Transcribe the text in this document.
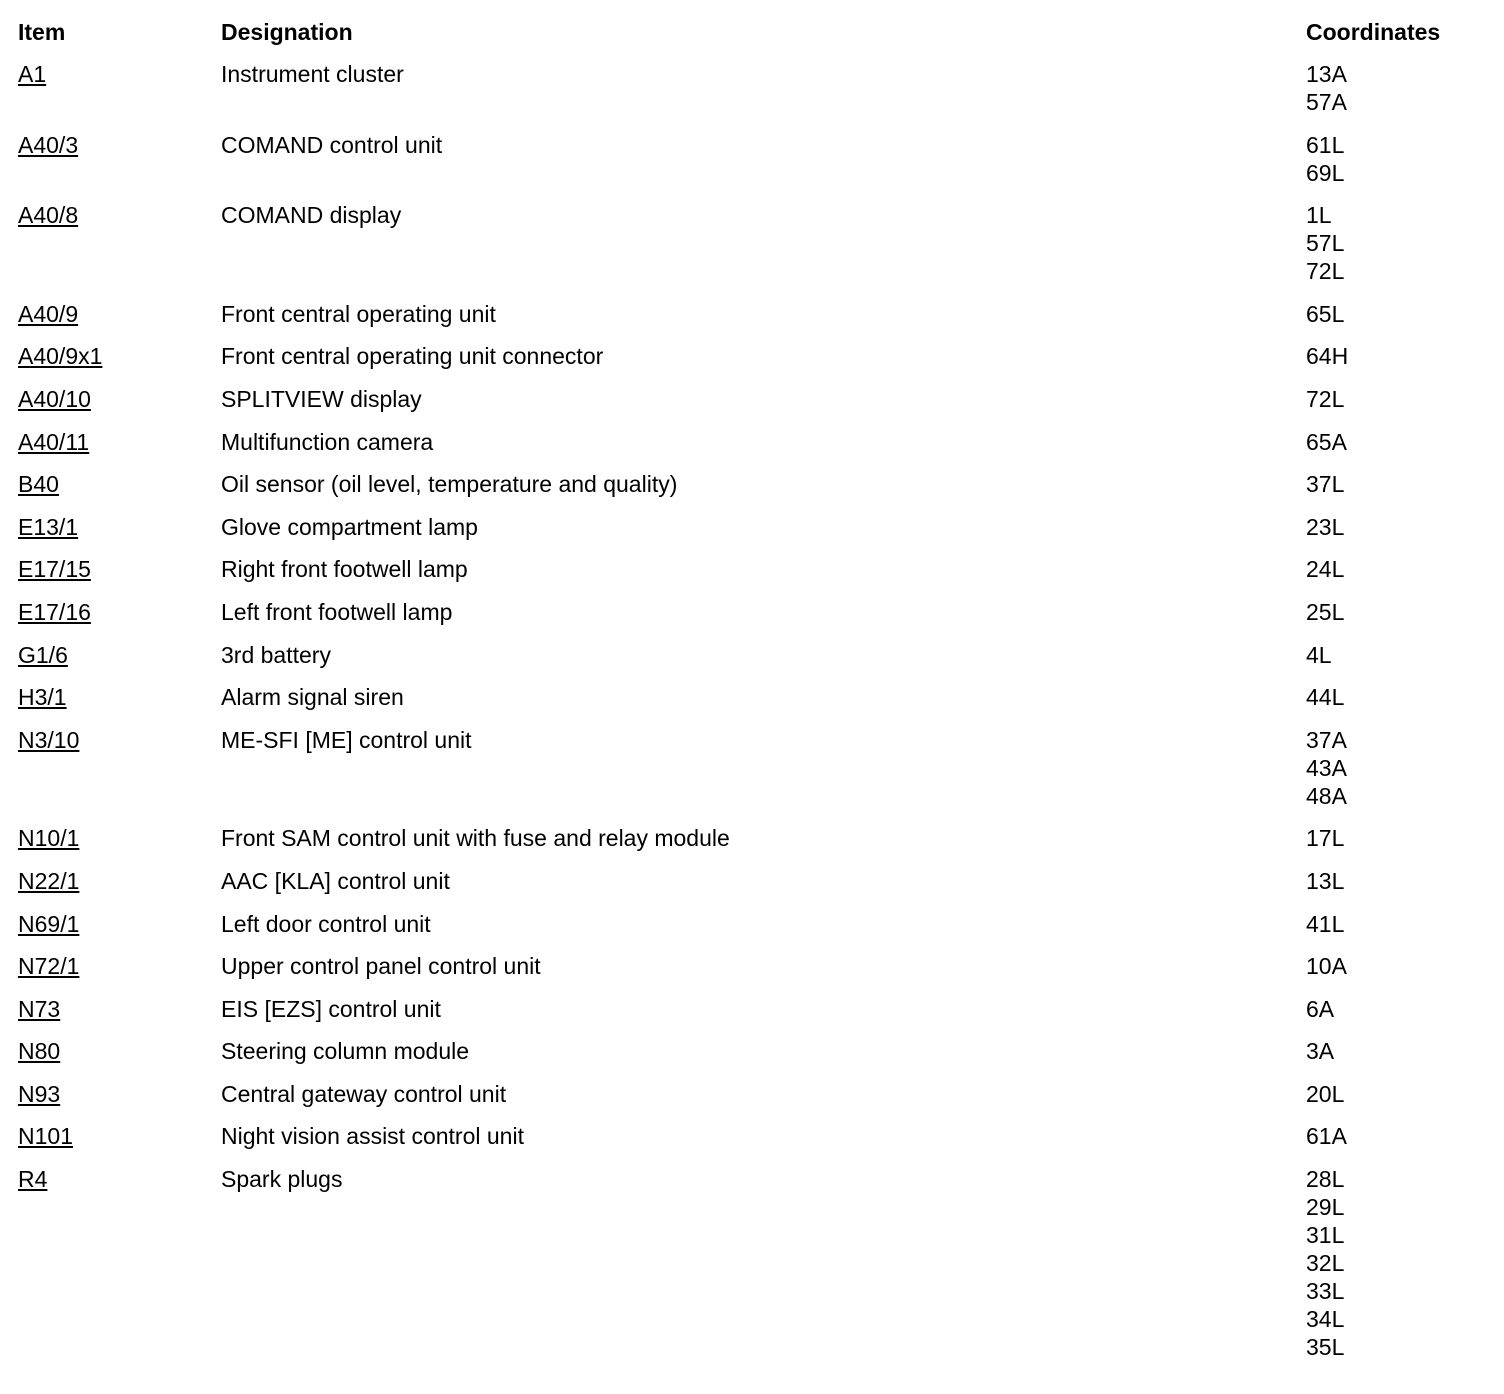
Item	Designation	Coordinates
A1	Instrument cluster	13A
57A
A40/3	COMAND control unit	61L
69L
A40/8	COMAND display	1L
57L
72L
A40/9	Front central operating unit	65L
A40/9x1	Front central operating unit connector	64H
A40/10	SPLITVIEW display	72L
A40/11	Multifunction camera	65A
B40	Oil sensor (oil level, temperature and quality)	37L
E13/1	Glove compartment lamp	23L
E17/15	Right front footwell lamp	24L
E17/16	Left front footwell lamp	25L
G1/6	3rd battery	4L
H3/1	Alarm signal siren	44L
N3/10	ME-SFI [ME] control unit	37A
43A
48A
N10/1	Front SAM control unit with fuse and relay module	17L
N22/1	AAC [KLA] control unit	13L
N69/1	Left door control unit	41L
N72/1	Upper control panel control unit	10A
N73	EIS [EZS] control unit	6A
N80	Steering column module	3A
N93	Central gateway control unit	20L
N101	Night vision assist control unit	61A
R4	Spark plugs	28L
29L
31L
32L
33L
34L
35L
